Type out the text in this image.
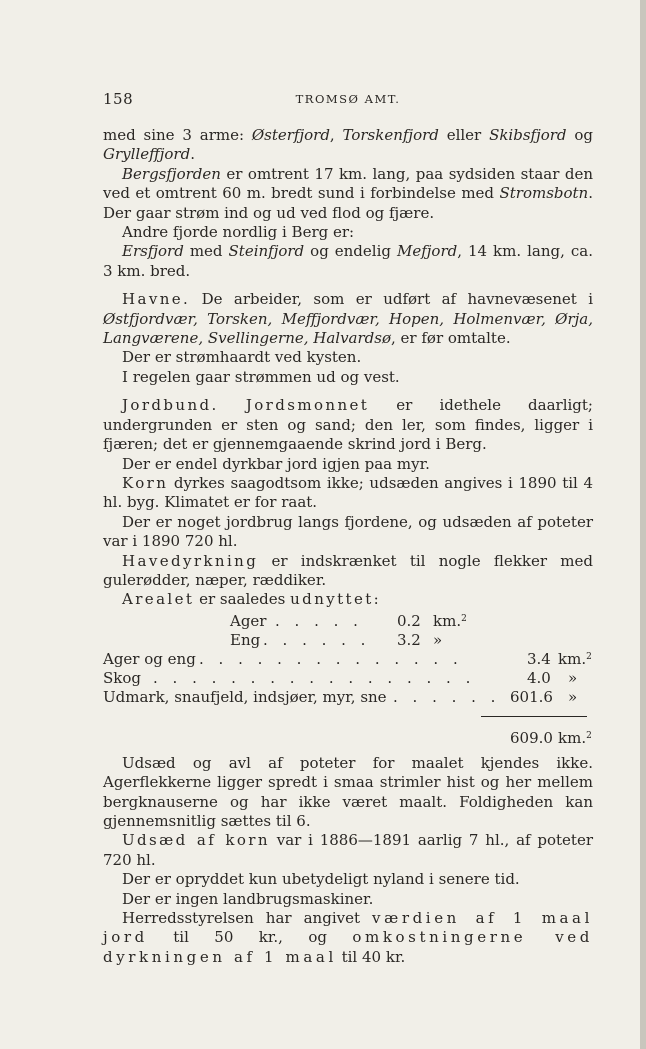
158	TROMSØ AMT.

med sine 3 arme: Østerfjord, Torskenfjord eller Skibsfjord og Grylleffjord.

Bergsfjorden er omtrent 17 km. lang, paa sydsiden staar den ved et omtrent 60 m. bredt sund i forbindelse med Stromsbotn. Der gaar strøm ind og ud ved flod og fjære.

Andre fjorde nordlig i Berg er:

Ersfjord med Steinfjord og endelig Mefjord, 14 km. lang, ca. 3 km. bred.

Havne. De arbeider, som er udført af havnevæsenet i Østfjordvær, Torsken, Meffjordvær, Hopen, Holmenvær, Ørja, Langværene, Svellingerne, Halvardsø, er før omtalte.

Der er strømhaardt ved kysten.

I regelen gaar strømmen ud og vest.

Jordbund. Jordsmonnet er idethele daarligt; undergrunden er sten og sand; den ler, som findes, ligger i fjæren; det er gjennemgaaende skrind jord i Berg.

Der er endel dyrkbar jord igjen paa myr.

Korn dyrkes saagodtsom ikke; udsæden angives i 1890 til 4 hl. byg. Klimatet er for raat.

Der er noget jordbrug langs fjordene, og udsæden af poteter var i 1890 720 hl.

Havedyrkning er indskrænket til nogle flekker med gulerødder, næper, ræddiker.

Arealet er saaledes udnyttet:

Ager . . . . .	0.2 km.$^2$
Eng . . . . . .	3.2 »
Ager og eng . . . . . . . . . . . . . .	3.4 km.$^2$
Skog . . . . . . . . . . . . . . . . .	4.0 »
Udmark, snaufjeld, indsjøer, myr, sne . . . . . . 601.6 »
609.0 km.$^2$

Udsæd og avl af poteter for maalet kjendes ikke. Agerflekkerne ligger spredt i smaa strimler hist og her mellem bergknauserne og har ikke været maalt. Foldigheden kan gjennemsnitlig sættes til 6.

Udsæd af korn var i 1886—1891 aarlig 7 hl., af poteter 720 hl.

Der er opryddet kun ubetydeligt nyland i senere tid.

Der er ingen landbrugsmaskiner.

Herredsstyrelsen har angivet værdien af 1 maal jord til 50 kr., og omkostningerne ved dyrkningen af 1 maal til 40 kr.
